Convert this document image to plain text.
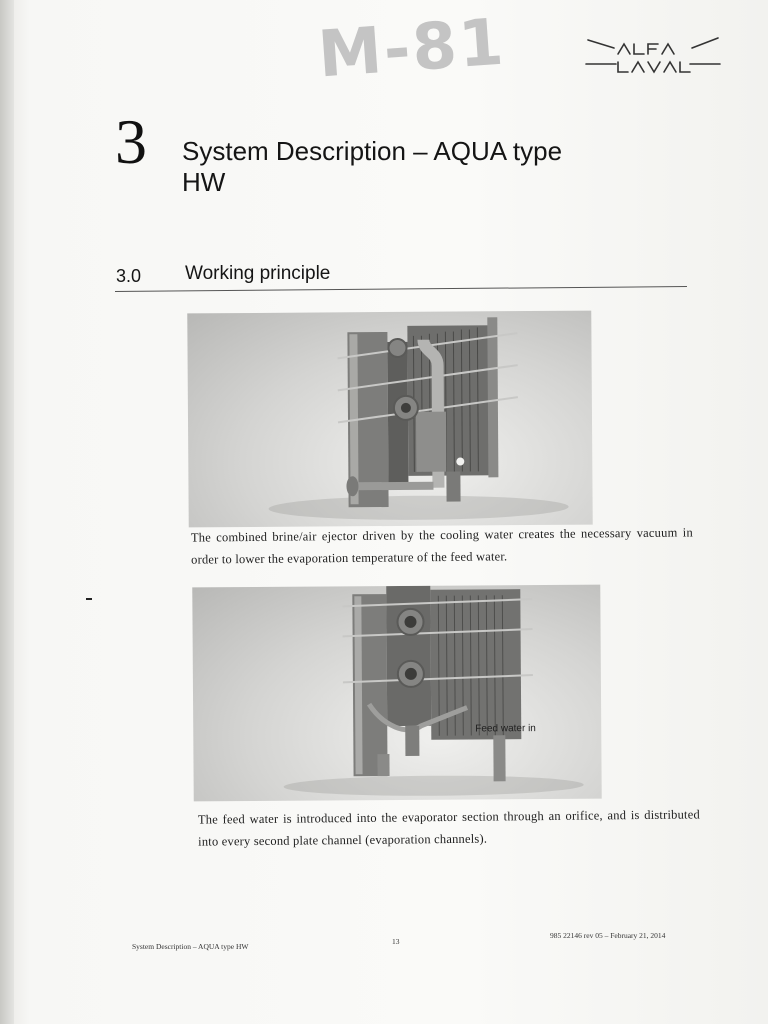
M-81
3 System Description – AQUA type HW
3.0 Working principle
The combined brine/air ejector driven by the cooling water creates the necessary vacuum in order to lower the evaporation temperature of the feed water.
Feed water in
The feed water is introduced into the evaporator section through an orifice, and is distributed into every second plate channel (evaporation channels).
System Description – AQUA type HW
13
985 22146 rev 05 – February 21, 2014
